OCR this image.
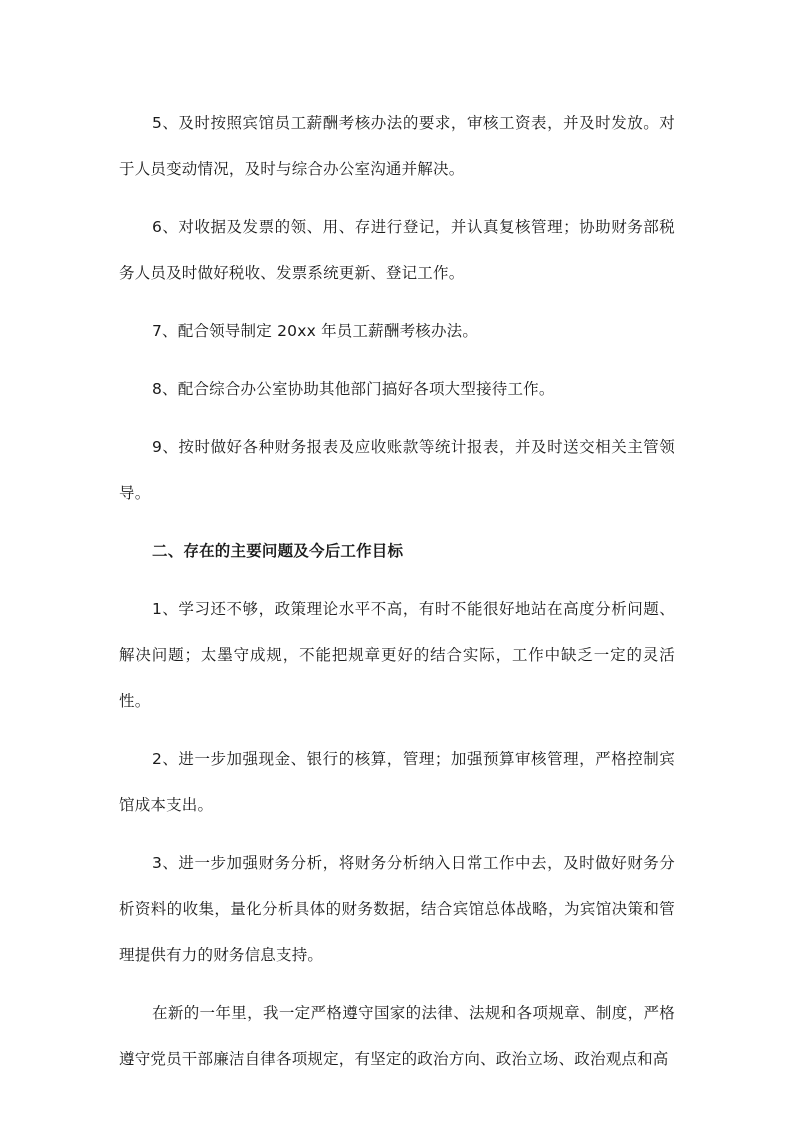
5、及时按照宾馆员工薪酬考核办法的要求，审核工资表，并及时发放。对于人员变动情况，及时与综合办公室沟通并解决。

6、对收据及发票的领、用、存进行登记，并认真复核管理；协助财务部税务人员及时做好税收、发票系统更新、登记工作。

7、配合领导制定 20xx 年员工薪酬考核办法。

8、配合综合办公室协助其他部门搞好各项大型接待工作。

9、按时做好各种财务报表及应收账款等统计报表，并及时送交相关主管领导。

二、存在的主要问题及今后工作目标

1、学习还不够，政策理论水平不高，有时不能很好地站在高度分析问题、解决问题；太墨守成规，不能把规章更好的结合实际，工作中缺乏一定的灵活性。

2、进一步加强现金、银行的核算，管理；加强预算审核管理，严格控制宾馆成本支出。

3、进一步加强财务分析，将财务分析纳入日常工作中去，及时做好财务分析资料的收集，量化分析具体的财务数据，结合宾馆总体战略，为宾馆决策和管理提供有力的财务信息支持。

在新的一年里，我一定严格遵守国家的法律、法规和各项规章、制度，严格遵守党员干部廉洁自律各项规定，有坚定的政治方向、政治立场、政治观点和高
